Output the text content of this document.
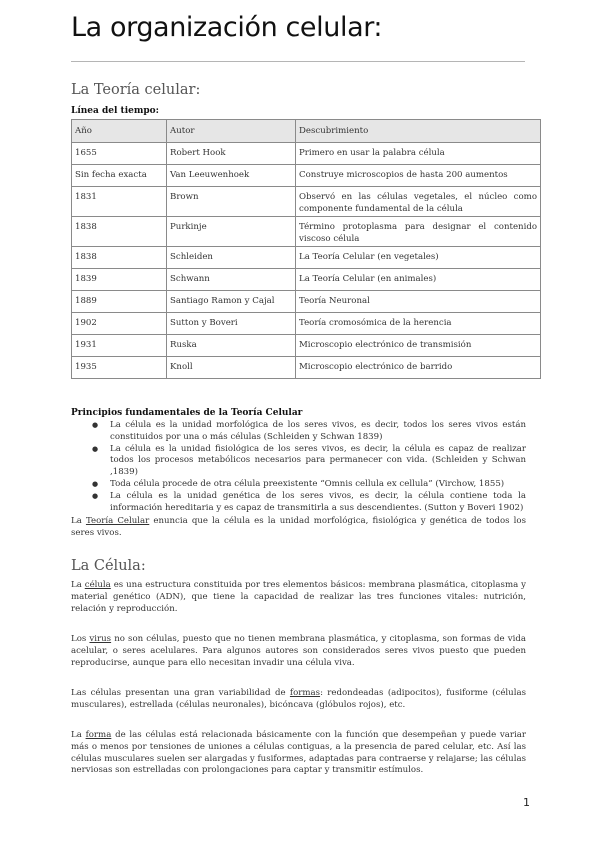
La organización celular:
La Teoría celular:
Línea del tiempo:
Año	Autor	Descubrimiento
1655	Robert Hook	Primero en usar la palabra célula
Sin fecha exacta	Van Leeuwenhoek	Construye microscopios de hasta 200 aumentos
1831	Brown	Observó en las células vegetales, el núcleo como componente fundamental de la célula
1838	Purkinje	Término protoplasma para designar el contenido viscoso célula
1838	Schleiden	La Teoría Celular (en vegetales)
1839	Schwann	La Teoría Celular (en animales)
1889	Santiago Ramon y Cajal	Teoría Neuronal
1902	Sutton y Boveri	Teoría cromosómica de la herencia
1931	Ruska	Microscopio electrónico de transmisión
1935	Knoll	Microscopio electrónico de barrido
Principios fundamentales de la Teoría Celular
● La célula es la unidad morfológica de los seres vivos, es decir, todos los seres vivos están constituidos por una o más células (Schleiden y Schwan 1839)
● La célula es la unidad fisiológica de los seres vivos, es decir, la célula es capaz de realizar todos los procesos metabólicos necesarios para permanecer con vida. (Schleiden y Schwan ,1839)
● Toda célula procede de otra célula preexistente “Omnis cellula ex cellula” (Virchow, 1855)
● La célula es la unidad genética de los seres vivos, es decir, la célula contiene toda la información hereditaria y es capaz de transmitirla a sus descendientes. (Sutton y Boveri 1902)

La Teoría Celular enuncia que la célula es la unidad morfológica, fisiológica y genética de todos los seres vivos.

La Célula:

La célula es una estructura constituida por tres elementos básicos: membrana plasmática, citoplasma y material genético (ADN), que tiene la capacidad de realizar las tres funciones vitales: nutrición, relación y reproducción.

Los virus no son células, puesto que no tienen membrana plasmática, y citoplasma, son formas de vida acelular, o seres acelulares. Para algunos autores son considerados seres vivos puesto que pueden reproducirse, aunque para ello necesitan invadir una célula viva.

Las células presentan una gran variabilidad de formas: redondeadas (adipocitos), fusiforme (células musculares), estrellada (células neuronales), bicóncava (glóbulos rojos), etc.

La forma de las células está relacionada básicamente con la función que desempeñan y puede variar más o menos por tensiones de uniones a células contiguas, a la presencia de pared celular, etc. Así las células musculares suelen ser alargadas y fusiformes, adaptadas para contraerse y relajarse; las células nerviosas son estrelladas con prolongaciones para captar y transmitir estímulos.

1
